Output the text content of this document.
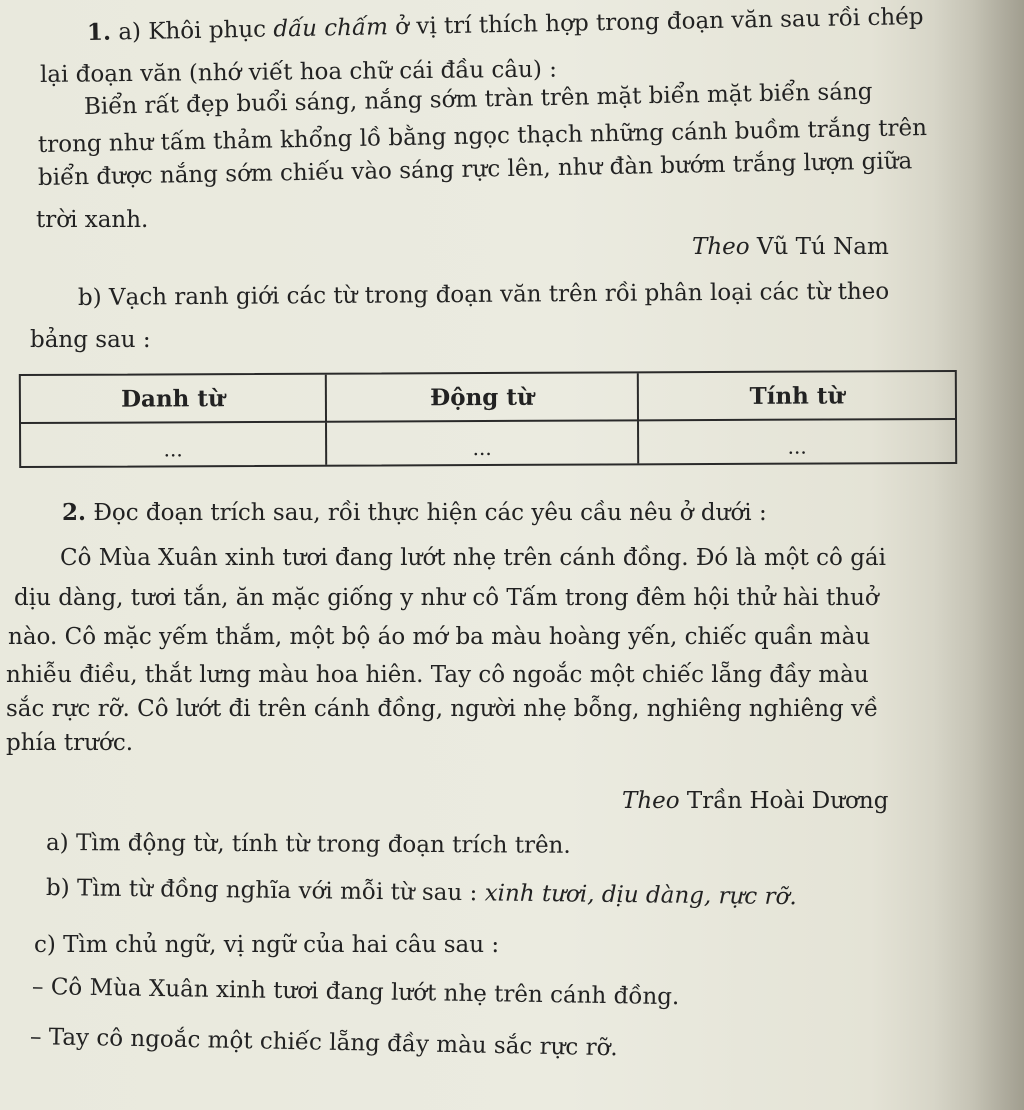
1. a) Khôi phục dấu chấm ở vị trí thích hợp trong đoạn văn sau rồi chép
lại đoạn văn (nhớ viết hoa chữ cái đầu câu) :
Biển rất đẹp buổi sáng, nắng sớm tràn trên mặt biển mặt biển sáng
trong như tấm thảm khổng lồ bằng ngọc thạch những cánh buồm trắng trên
biển được nắng sớm chiếu vào sáng rực lên, như đàn bướm trắng lượn giữa
trời xanh.
Theo Vũ Tú Nam
b) Vạch ranh giới các từ trong đoạn văn trên rồi phân loại các từ theo
bảng sau :
Danh từ	Động từ	Tính từ
...	...	...
2. Đọc đoạn trích sau, rồi thực hiện các yêu cầu nêu ở dưới :
Cô Mùa Xuân xinh tươi đang lướt nhẹ trên cánh đồng. Đó là một cô gái
dịu dàng, tươi tắn, ăn mặc giống y như cô Tấm trong đêm hội thử hài thuở
nào. Cô mặc yếm thắm, một bộ áo mớ ba màu hoàng yến, chiếc quần màu
nhiễu điều, thắt lưng màu hoa hiên. Tay cô ngoắc một chiếc lẵng đầy màu
sắc rực rỡ. Cô lướt đi trên cánh đồng, người nhẹ bỗng, nghiêng nghiêng về
phía trước.
Theo Trần Hoài Dương
a) Tìm động từ, tính từ trong đoạn trích trên.
b) Tìm từ đồng nghĩa với mỗi từ sau : xinh tươi, dịu dàng, rực rỡ.
c) Tìm chủ ngữ, vị ngữ của hai câu sau :
– Cô Mùa Xuân xinh tươi đang lướt nhẹ trên cánh đồng.
– Tay cô ngoắc một chiếc lẵng đầy màu sắc rực rỡ.
